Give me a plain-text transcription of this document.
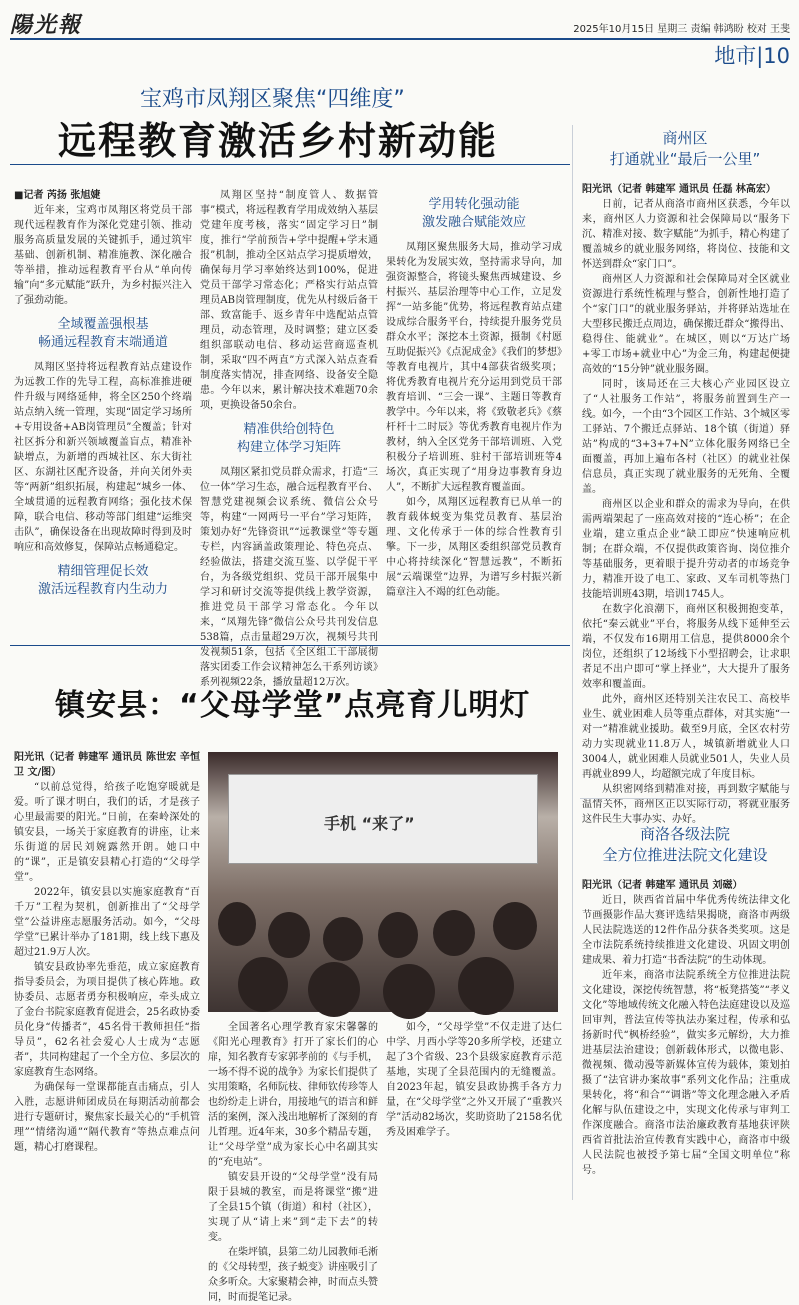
陽光報	2025年10月15日 星期三 责编 韩鸿盼 校对 王斐
地市|10
宝鸡市凤翔区聚焦“四维度”
远程教育激活乡村新动能
■记者 芮扬 张旭婕

近年来，宝鸡市凤翔区将党员干部现代远程教育作为深化党建引领、推动服务高质量发展的关键抓手，通过筑牢基础、创新机制、精准施教、深化融合等举措，推动远程教育平台从“单向传输”向“多元赋能”跃升，为乡村振兴注入了强劲动能。

全域覆盖强根基
畅通远程教育末端通道

凤翔区坚持将远程教育站点建设作为远教工作的先导工程，高标准推进硬件升级与网络延伸，将全区250个终端站点纳入统一管理，实现“固定学习场所+专用设备+AB岗管理员”全覆盖；针对社区拆分和新兴领域覆盖盲点，精准补缺增点，为新增的西城社区、东大街社区、东湖社区配齐设备，并向关闭外卖等“两新”组织拓展，构建起“城乡一体、全域贯通的远程教育网络；强化技术保障，联合电信、移动等部门组建“运维突击队”，确保设备在出现故障时得到及时响应和高效修复，保障站点畅通稳定。

精细管理促长效
激活远程教育内生动力

凤翔区坚持“制度管人、数据管事”模式，将远程教育学用成效纳入基层党建年度考核，落实“固定学习日”制度，推行“学前预告+学中提醒+学末通报”机制，推动全区站点学习提质增效，确保每月学习率始终达到100%，促进党员干部学习常态化；严格实行站点管理员AB岗管理制度，优先从村级后备干部、致富能手、返乡青年中选配站点管理员，动态管理，及时调整；建立区委组织部联动电信、移动运营商巡查机制，采取“四不两直”方式深入站点查看制度落实情况，排查网络、设备安全隐患。今年以来，累计解决技术难题70余项，更换设备50余台。

精准供给创特色
构建立体学习矩阵

凤翔区紧扣党员群众需求，打造“三位一体”学习生态，融合远程教育平台、智慧党建视频会议系统、微信公众号等，构建“一网两号一平台”学习矩阵，策划办好“先锋资讯”“远教课堂”等专题专栏，内容涵盖政策理论、特色亮点、经验做法，搭建交流互鉴、以学促干平台，为各级党组织、党员干部开展集中学习和研讨交流等提供线上教学资源，推进党员干部学习常态化。今年以来，“凤翔先锋”微信公众号共刊发信息538篇，点击量超29万次，视频号共刊发视频51条，包括《全区组工干部展彻落实团委工作会议精神怎么干系列访谈》系列视频22条，播放量超12万次。

学用转化强动能
激发融合赋能效应

凤翔区聚焦服务大局，推动学习成果转化为发展实效，坚持需求导向，加强资源整合，将镜头聚焦西城建设、乡村振兴、基层治理等中心工作，立足发挥“一站多能”优势，将远程教育站点建设成综合服务平台，持续提升服务党员群众水平；深挖本土资源，摄制《村愿互助促振兴》《点泥成金》《我们的梦想》等教育电视片，其中4部获省级奖项；将优秀教育电视片充分运用到党员干部教育培训、“三会一课”、主题日等教育教学中。今年以来，将《致敬老兵》《蔡杆杆十二时辰》等优秀教育电视片作为教材，纳入全区党务干部培训班、入党积极分子培训班、驻村干部培训班等4场次，真正实现了“用身边事教育身边人”，不断扩大远程教育覆盖面。

如今，凤翔区远程教育已从单一的教育载体蜕变为集党员教育、基层治理、文化传承于一体的综合性教育引擎。下一步，凤翔区委组织部党员教育中心将持续深化“智慧远教”，不断拓展“云端课堂”边界，为谱写乡村振兴新篇章注入不竭的红色动能。

镇安县：“父母学堂”点亮育儿明灯
阳光讯（记者 韩建军 通讯员 陈世宏 辛恒卫 文/图）

“以前总觉得，给孩子吃饱穿暖就是爱。听了课才明白，我们的话，才是孩子心里最需要的阳光。”日前，在秦岭深处的镇安县，一场关于家庭教育的讲座，让来乐街道的居民刘婉露然开朗。她口中的“课”，正是镇安县精心打造的“父母学堂”。

2022年，镇安县以实施家庭教育“百千万”工程为契机，创新推出了“父母学堂”公益讲座志愿服务活动。如今，“父母学堂”已累计举办了181期，线上线下惠及超过21.9万人次。

镇安县政协率先垂范，成立家庭教育指导委员会，为项目提供了核心阵地。政协委员、志愿者勇夯积极响应，牵头成立了金台书院家庭教育促进会，25名政协委员化身“传播者”，45名骨干教师担任“指导员”，62名社会爱心人士成为“志愿者”，共同构建起了一个全方位、多层次的家庭教育生态网络。

为确保每一堂课都能直击痛点，引人入胜，志愿讲师团成员在每期活动前都会进行专题研讨，聚焦家长最关心的“手机管理”“情绪沟通”“隔代教育”等热点难点问题，精心打磨课程。

手机 “来了”

全国著名心理学教育家宋馨馨的《阳光心理教育》打开了家长们的心扉，知名教育专家郭孝前的《与手机，一场不得不说的战争》为家长们提供了实用策略，名师阮枝、律师钦传珍等人也纷纷走上讲台，用接地气的语言和鲜活的案例，深入浅出地解析了深刻的育儿哲理。近4年来，30多个精品专题，让“父母学堂”成为家长心中名副其实的“充电站”。

镇安县开设的“父母学堂”没有局限于县城的教室，而是将课堂“搬”进了全县15个镇（街道）和村（社区），实现了从“请上来”到“走下去”的转变。

在柴坪镇，县第二幼儿园教师毛淅的《父母转型，孩子蜕变》讲座吸引了众多听众。大家聚精会神，时而点头赞同，时而提笔记录。

如今，“父母学堂”不仅走进了达仁中学、月西小学等20多所学校，还建立起了3个省级、23个县级家庭教育示范基地，实现了全县范围内的无缝覆盖。自2023年起，镇安县政协携手各方力量，在“父母学堂”之外又开展了“重教兴学”活动82场次，奖助资助了2158名优秀及困难学子。

商州区
打通就业“最后一公里”
阳光讯（记者 韩建军 通讯员 任磊 林高宏）

日前，记者从商洛市商州区获悉，今年以来，商州区人力资源和社会保障局以“服务下沉、精准对接、数字赋能”为抓手，精心构建了覆盖城乡的就业服务网络，将岗位、技能和文怀送到群众“家门口”。

商州区人力资源和社会保障局对全区就业资源进行系统性梳理与整合，创新性地打造了个“家门口”的就业服务驿站，并将驿站选址在大型移民搬迁点周边，确保搬迁群众“搬得出、稳得住、能就业”。在城区，则以“万达广场+零工市场+就业中心”为金三角，构建起便捷高效的“15分钟”就业服务圈。

同时，该局还在三大核心产业园区设立了“人社服务工作站”，将服务前置到生产一线。如今，一个由“3个园区工作站、3个城区零工驿站、7个搬迁点驿站、18个镇（街道）驿站”构成的“3+3+7+N”立体化服务网络已全面覆盖，再加上遍布各村（社区）的就业社保信息员，真正实现了就业服务的无死角、全覆盖。

商州区以企业和群众的需求为导向，在供需两端架起了一座高效对接的“连心桥”；在企业端，建立重点企业“缺工即应”快速响应机制；在群众端，不仅提供政策咨询、岗位推介等基础服务，更着眼于提升劳动者的市场竞争力，精准开设了电工、家政、叉车司机等热门技能培训班43期，培训1745人。

在数字化浪潮下，商州区积极拥抱变革，依托“秦云就业”平台，将服务从线下延伸至云端，不仅发布16期用工信息，提供8000余个岗位，还组织了12场线下小型招聘会，让求职者足不出户即可“掌上择业”，大大提升了服务效率和覆盖面。

此外，商州区还特别关注农民工、高校毕业生、就业困难人员等重点群体，对其实施“一对一”精准就业援助。截至9月底，全区农村劳动力实现就业11.8万人，城镇新增就业人口3004人，就业困难人员就业501人，失业人员再就业899人，均超额完成了年度目标。

从织密网络到精准对接，再到数字赋能与温情关怀，商州区正以实际行动，将就业服务这件民生大事办实、办好。

商洛各级法院
全方位推进法院文化建设
阳光讯（记者 韩建军 通讯员 刘磁）

近日，陕西省首届中华优秀传统法律文化节画摄影作品大赛评选结果揭晓，商洛市两级人民法院选送的12件作品分获各类奖项。这是全市法院系统持续推进文化建设、巩固文明创建成果、着力打造“书香法院”的生动体现。

近年来，商洛市法院系统全方位推进法院文化建设，深挖传统智慧，将“板凳搭笺”“孝义文化”等地域传统文化融入特色法庭建设以及巡回审判，普法宣传等执法办案过程，传承和弘扬新时代“枫桥经验”，做实多元解纷，大力推进基层法治建设；创新载体形式，以微电影、微视频、微动漫等新媒体宣传为载体，策划拍摄了“法官讲办案故事”系列文化作品；注重成果转化，将“和合”“调谐”等文化理念融入矛盾化解与队伍建设之中，实现文化传承与审判工作深度融合。商洛市法治廉政教育基地获评陕西省首批法治宣传教育实践中心，商洛市中级人民法院也被授予第七届“全国文明单位”称号。
